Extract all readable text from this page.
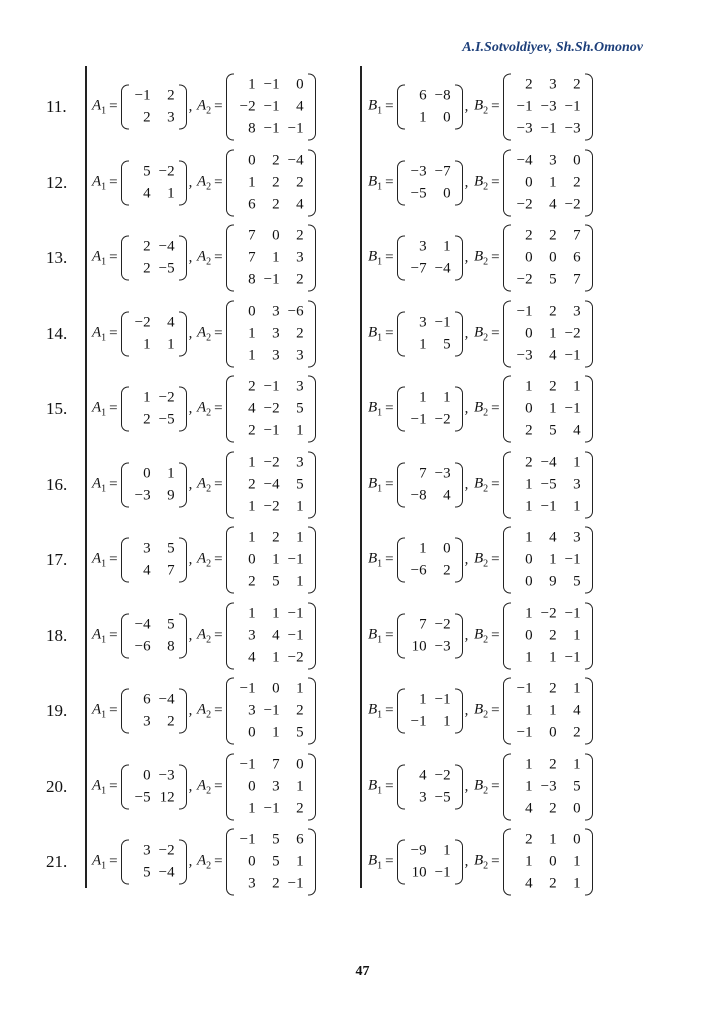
A.I.Sotvoldiyev, Sh.Sh.Omonov
11. $A_1$ =
−1	2
2	3
, $A_2$ =
1 −1	0
−2 −1	4
8 −1 −1
$B_1$ =
6 −8
1	0
, $B_2$ =
2	3	2
−1 −3 −1
−3 −1 −3
12. $A_1$ =
5 −2
4	1
, $A_2$ =
0	2 −4
1	2	2
6	2	4
$B_1$ =
−3 −7
−5	0
, $B_2$ =
−4	3	0
0	1	2
−2	4 −2
13. $A_1$ =
2 −4
2 −5
, $A_2$ =
7	0	2
7	1	3
8 −1	2
$B_1$ =
3	1
−7 −4
, $B_2$ =
2	2	7
0	0	6
−2	5	7
14. $A_1$ =
−2	4
1	1
, $A_2$ =
0	3 −6
1	3	2
1	3	3
$B_1$ =
3 −1
1	5
, $B_2$ =
−1	2	3
0	1 −2
−3	4 −1
15. $A_1$ =
1 −2
2 −5
, $A_2$ =
2 −1	3
4 −2	5
2 −1	1
$B_1$ =
1	1
−1 −2
, $B_2$ =
1	2	1
0	1 −1
2	5	4
16. $A_1$ =
0	1
−3	9
, $A_2$ =
1 −2	3
2 −4	5
1 −2	1
$B_1$ =
7 −3
−8	4
, $B_2$ =
2 −4	1
1 −5	3
1 −1	1
17. $A_1$ =
3	5
4	7
, $A_2$ =
1	2	1
0	1 −1
2	5	1
$B_1$ =
1	0
−6	2
, $B_2$ =
1	4	3
0	1 −1
0	9	5
18. $A_1$ =
−4	5
−6	8
, $A_2$ =
1	1 −1
3	4 −1
4	1 −2
$B_1$ =
7 −2
10 −3
, $B_2$ =
1 −2 −1
0	2	1
1	1 −1
19. $A_1$ =
6 −4
3	2
, $A_2$ =
−1	0	1
3 −1	2
0	1	5
$B_1$ =
1 −1
−1	1
, $B_2$ =
−1	2	1
1	1	4
−1	0	2
20. $A_1$ =
0 −3
−5 12
, $A_2$ =
−1	7	0
0	3	1
1 −1	2
$B_1$ =
4 −2
3 −5
, $B_2$ =
1	2	1
1 −3	5
4	2	0
21. $A_1$ =
3 −2
5 −4
, $A_2$ =
−1	5	6
0	5	1
3	2 −1
$B_1$ =
−9	1
10 −1
, $B_2$ =
2	1	0
1	0	1
4	2	1
47
